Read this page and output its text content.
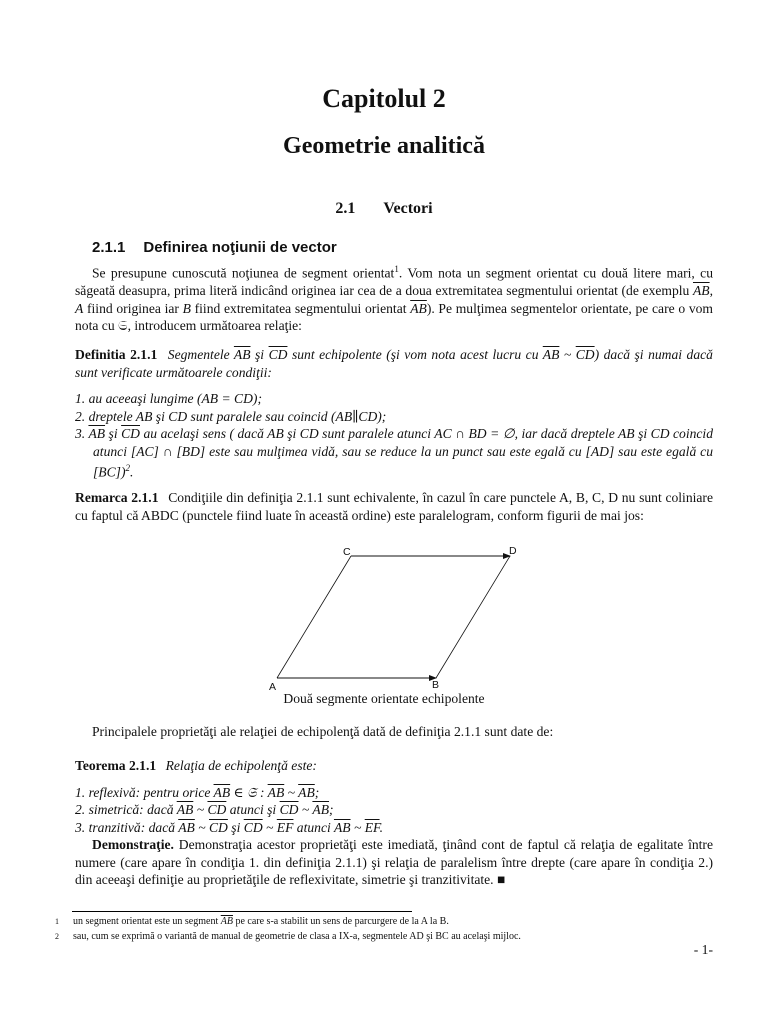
Capitolul 2
Geometrie analitică
2.1 Vectori
2.1.1 Definirea noţiunii de vector
Se presupune cunoscută noţiunea de segment orientat$^1$. Vom nota un segment orientat cu două litere mari, cu săgeată deasupra, prima literă indicând originea iar cea de a doua extremitatea segmentului orientat (de exemplu $\overline{AB}$, A fiind originea iar B fiind extremitatea segmentului orientat $\overline{AB}$). Pe mulţimea segmentelor orientate, pe care o vom nota cu 𝔖, introducem următoarea relaţie:
Definitia 2.1.1 Segmentele $\overline{AB}$ şi $\overline{CD}$ sunt echipolente (şi vom nota acest lucru cu $\overline{AB}$ ~ $\overline{CD}$) dacă şi numai dacă sunt verificate următoarele condiţii:

1. au aceeaşi lungime (AB = CD);

2. dreptele AB şi CD sunt paralele sau coincid (AB∥CD);

3. $\overline{AB}$ şi $\overline{CD}$ au acelaşi sens ( dacă AB şi CD sunt paralele atunci AC ∩ BD = ∅, iar dacă dreptele AB şi CD coincid atunci [AC] ∩ [BD] este sau mulţimea vidă, sau se reduce la un punct sau este egală cu [AD] sau este egală cu [BC])$^2$.

Remarca 2.1.1 Condiţiile din definiţia 2.1.1 sunt echivalente, în cazul în care punctele A, B, C, D nu sunt coliniare cu faptul că ABDC (punctele fiind luate în această ordine) este paralelogram, conform figurii de mai jos:
C	D
A	B
Două segmente orientate echipolente
Principalele proprietăţi ale relaţiei de echipolenţă dată de definiţia 2.1.1 sunt date de:
Teorema 2.1.1 Relaţia de echipolenţă este:

1. reflexivă: pentru orice $\overline{AB}$ ∈ 𝔖 : $\overline{AB}$ ~ $\overline{AB}$;

2. simetrică: dacă $\overline{AB}$ ~ $\overline{CD}$ atunci şi $\overline{CD}$ ~ $\overline{AB}$;

3. tranzitivă: dacă $\overline{AB}$ ~ $\overline{CD}$ şi $\overline{CD}$ ~ $\overline{EF}$ atunci $\overline{AB}$ ~ $\overline{EF}$.

Demonstraţie. Demonstraţia acestor proprietăţi este imediată, ţinând cont de faptul că relaţia de egalitate între numere (care apare în condiţia 1. din definiţia 2.1.1) şi relaţia de paralelism între drepte (care apare în condiţia 2.) din aceeaşi definiţie au proprietăţile de reflexivitate, simetrie şi tranzitivitate. ■
1 un segment orientat este un segment $\overline{AB}$ pe care s-a stabilit un sens de parcurgere de la A la B.
2 sau, cum se exprimă o variantă de manual de geometrie de clasa a IX-a, segmentele AD şi BC au acelaşi mijloc.
- 1-
